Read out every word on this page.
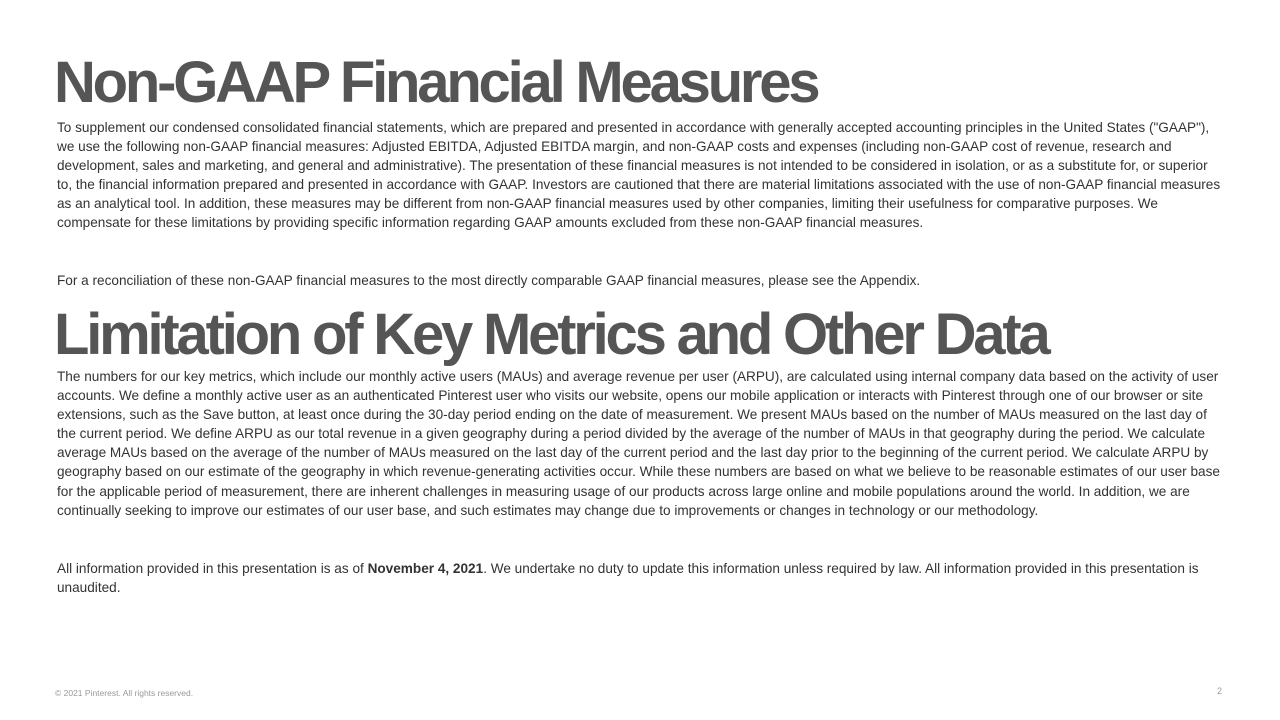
Non-GAAP Financial Measures

To supplement our condensed consolidated financial statements, which are prepared and presented in accordance with generally accepted accounting principles in the United States ("GAAP"), we use the following non-GAAP financial measures: Adjusted EBITDA, Adjusted EBITDA margin, and non-GAAP costs and expenses (including non-GAAP cost of revenue, research and development, sales and marketing, and general and administrative). The presentation of these financial measures is not intended to be considered in isolation, or as a substitute for, or superior to, the financial information prepared and presented in accordance with GAAP. Investors are cautioned that there are material limitations associated with the use of non-GAAP financial measures as an analytical tool. In addition, these measures may be different from non-GAAP financial measures used by other companies, limiting their usefulness for comparative purposes. We compensate for these limitations by providing specific information regarding GAAP amounts excluded from these non-GAAP financial measures.

For a reconciliation of these non-GAAP financial measures to the most directly comparable GAAP financial measures, please see the Appendix.

Limitation of Key Metrics and Other Data

The numbers for our key metrics, which include our monthly active users (MAUs) and average revenue per user (ARPU), are calculated using internal company data based on the activity of user accounts. We define a monthly active user as an authenticated Pinterest user who visits our website, opens our mobile application or interacts with Pinterest through one of our browser or site extensions, such as the Save button, at least once during the 30-day period ending on the date of measurement. We present MAUs based on the number of MAUs measured on the last day of the current period. We define ARPU as our total revenue in a given geography during a period divided by the average of the number of MAUs in that geography during the period. We calculate average MAUs based on the average of the number of MAUs measured on the last day of the current period and the last day prior to the beginning of the current period. We calculate ARPU by geography based on our estimate of the geography in which revenue-generating activities occur. While these numbers are based on what we believe to be reasonable estimates of our user base for the applicable period of measurement, there are inherent challenges in measuring usage of our products across large online and mobile populations around the world. In addition, we are continually seeking to improve our estimates of our user base, and such estimates may change due to improvements or changes in technology or our methodology.

All information provided in this presentation is as of November 4, 2021. We undertake no duty to update this information unless required by law. All information provided in this presentation is unaudited.

© 2021 Pinterest. All rights reserved.	2
